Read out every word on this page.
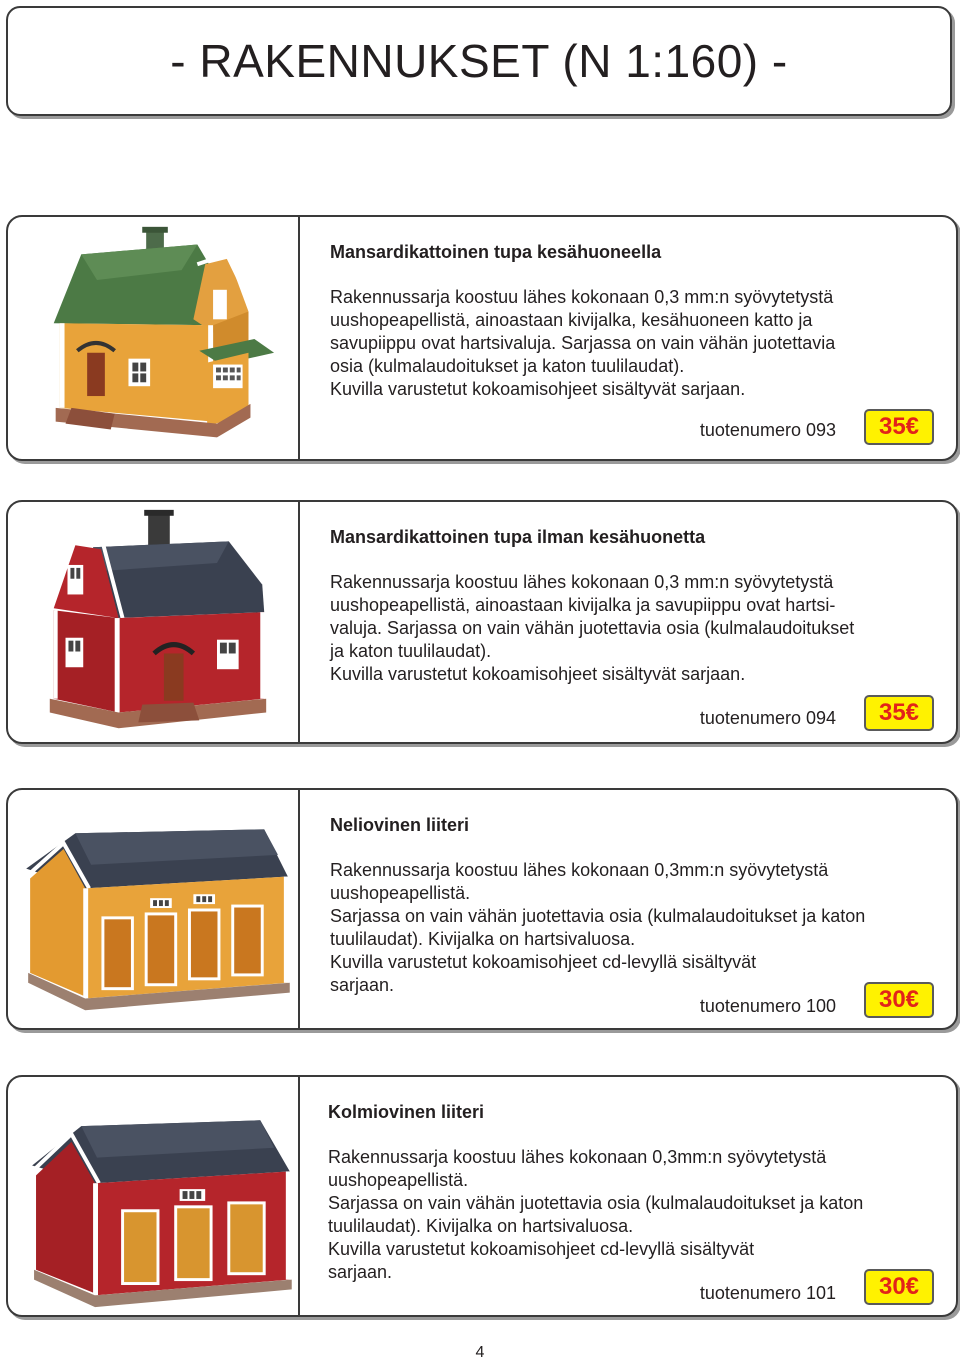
- RAKENNUKSET (N 1:160) -
Mansardikattoinen tupa kesähuoneella

Rakennussarja koostuu lähes kokonaan 0,3 mm:n syövytetystä

uushopeapellistä, ainoastaan kivijalka, kesähuoneen katto ja

savupiippu ovat hartsivaluja. Sarjassa on vain vähän juotettavia

osia (kulmalaudoitukset ja katon tuulilaudat).

Kuvilla varustetut kokoamisohjeet sisältyvät sarjaan.

tuotenumero 093	35€
Mansardikattoinen tupa ilman kesähuonetta

Rakennussarja koostuu lähes kokonaan 0,3 mm:n syövytetystä

uushopeapellistä, ainoastaan kivijalka ja savupiippu ovat hartsi-

valuja. Sarjassa on vain vähän juotettavia osia (kulmalaudoitukset

ja katon tuulilaudat).

Kuvilla varustetut kokoamisohjeet sisältyvät sarjaan.

tuotenumero 094	35€
Neliovinen liiteri

Rakennussarja koostuu lähes kokonaan 0,3mm:n syövytetystä

uushopeapellistä.

Sarjassa on vain vähän juotettavia osia (kulmalaudoitukset ja katon

tuulilaudat). Kivijalka on hartsivaluosa.

Kuvilla varustetut kokoamisohjeet cd-levyllä sisältyvät

sarjaan.

tuotenumero 100	30€
Kolmiovinen liiteri

Rakennussarja koostuu lähes kokonaan 0,3mm:n syövytetystä

uushopeapellistä.

Sarjassa on vain vähän juotettavia osia (kulmalaudoitukset ja katon

tuulilaudat). Kivijalka on hartsivaluosa.

Kuvilla varustetut kokoamisohjeet cd-levyllä sisältyvät

sarjaan.

tuotenumero 101	30€
4
